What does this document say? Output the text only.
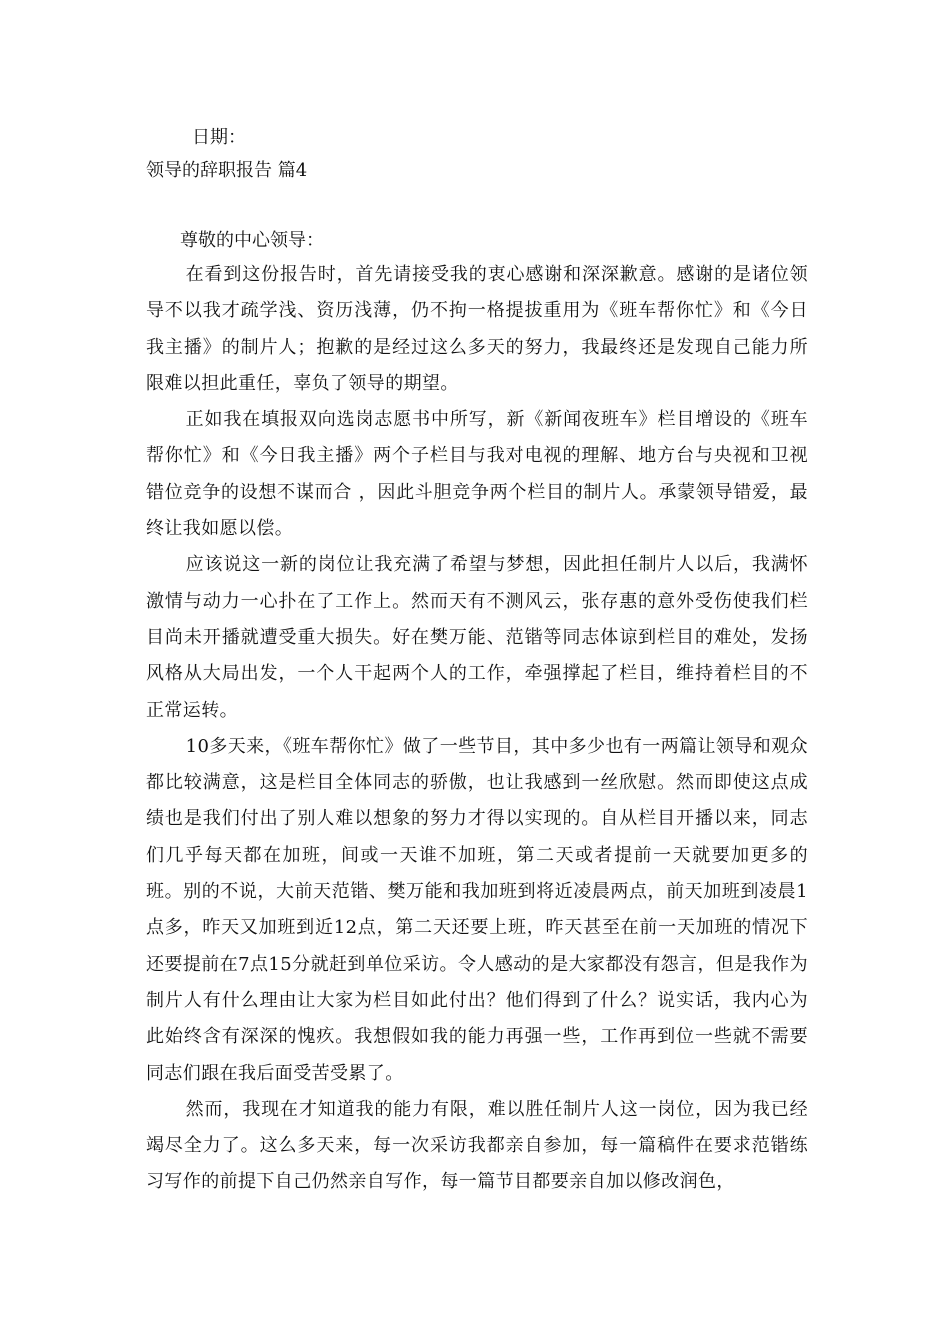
日期：
领导的辞职报告 篇4
尊敬的中心领导：

在看到这份报告时，首先请接受我的衷心感谢和深深歉意。感谢的是诸位领导不以我才疏学浅、资历浅薄，仍不拘一格提拔重用为《班车帮你忙》和《今日我主播》的制片人；抱歉的是经过这么多天的努力，我最终还是发现自己能力所限难以担此重任，辜负了领导的期望。

正如我在填报双向选岗志愿书中所写，新《新闻夜班车》栏目增设的《班车帮你忙》和《今日我主播》两个子栏目与我对电视的理解、地方台与央视和卫视错位竞争的设想不谋而合 ，因此斗胆竞争两个栏目的制片人。承蒙领导错爱，最终让我如愿以偿。

应该说这一新的岗位让我充满了希望与梦想，因此担任制片人以后，我满怀激情与动力一心扑在了工作上。然而天有不测风云，张存惠的意外受伤使我们栏目尚未开播就遭受重大损失。好在樊万能、范锴等同志体谅到栏目的难处，发扬风格从大局出发，一个人干起两个人的工作，牵强撑起了栏目，维持着栏目的不正常运转。

10多天来，《班车帮你忙》做了一些节目，其中多少也有一两篇让领导和观众都比较满意，这是栏目全体同志的骄傲，也让我感到一丝欣慰。然而即使这点成绩也是我们付出了别人难以想象的努力才得以实现的。自从栏目开播以来，同志们几乎每天都在加班，间或一天谁不加班，第二天或者提前一天就要加更多的班。别的不说，大前天范锴、樊万能和我加班到将近凌晨两点，前天加班到凌晨1点多，昨天又加班到近12点，第二天还要上班，昨天甚至在前一天加班的情况下还要提前在7点15分就赶到单位采访。令人感动的是大家都没有怨言，但是我作为制片人有什么理由让大家为栏目如此付出？他们得到了什么？说实话，我内心为此始终含有深深的愧疚。我想假如我的能力再强一些，工作再到位一些就不需要同志们跟在我后面受苦受累了。

然而，我现在才知道我的能力有限，难以胜任制片人这一岗位，因为我已经竭尽全力了。这么多天来，每一次采访我都亲自参加，每一篇稿件在要求范锴练习写作的前提下自己仍然亲自写作，每一篇节目都要亲自加以修改润色，
